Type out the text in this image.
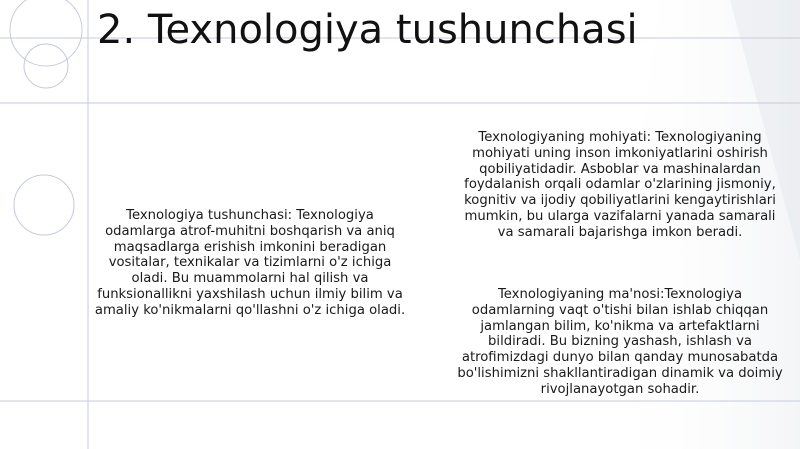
2. Texnologiya tushunchasi

Texnologiya tushunchasi: Texnologiya odamlarga atrof-muhitni boshqarish va aniq maqsadlarga erishish imkonini beradigan vositalar, texnikalar va tizimlarni o'z ichiga oladi. Bu muammolarni hal qilish va funksionallikni yaxshilash uchun ilmiy bilim va amaliy ko'nikmalarni qo'llashni o'z ichiga oladi.

Texnologiyaning mohiyati: Texnologiyaning mohiyati uning inson imkoniyatlarini oshirish qobiliyatidadir. Asboblar va mashinalardan foydalanish orqali odamlar o'zlarining jismoniy, kognitiv va ijodiy qobiliyatlarini kengaytirishlari mumkin, bu ularga vazifalarni yanada samarali va samarali bajarishga imkon beradi.

Texnologiyaning ma'nosi:Texnologiya odamlarning vaqt o'tishi bilan ishlab chiqqan jamlangan bilim, ko'nikma va artefaktlarni bildiradi. Bu bizning yashash, ishlash va atrofimizdagi dunyo bilan qanday munosabatda bo'lishimizni shakllantiradigan dinamik va doimiy rivojlanayotgan sohadir.
